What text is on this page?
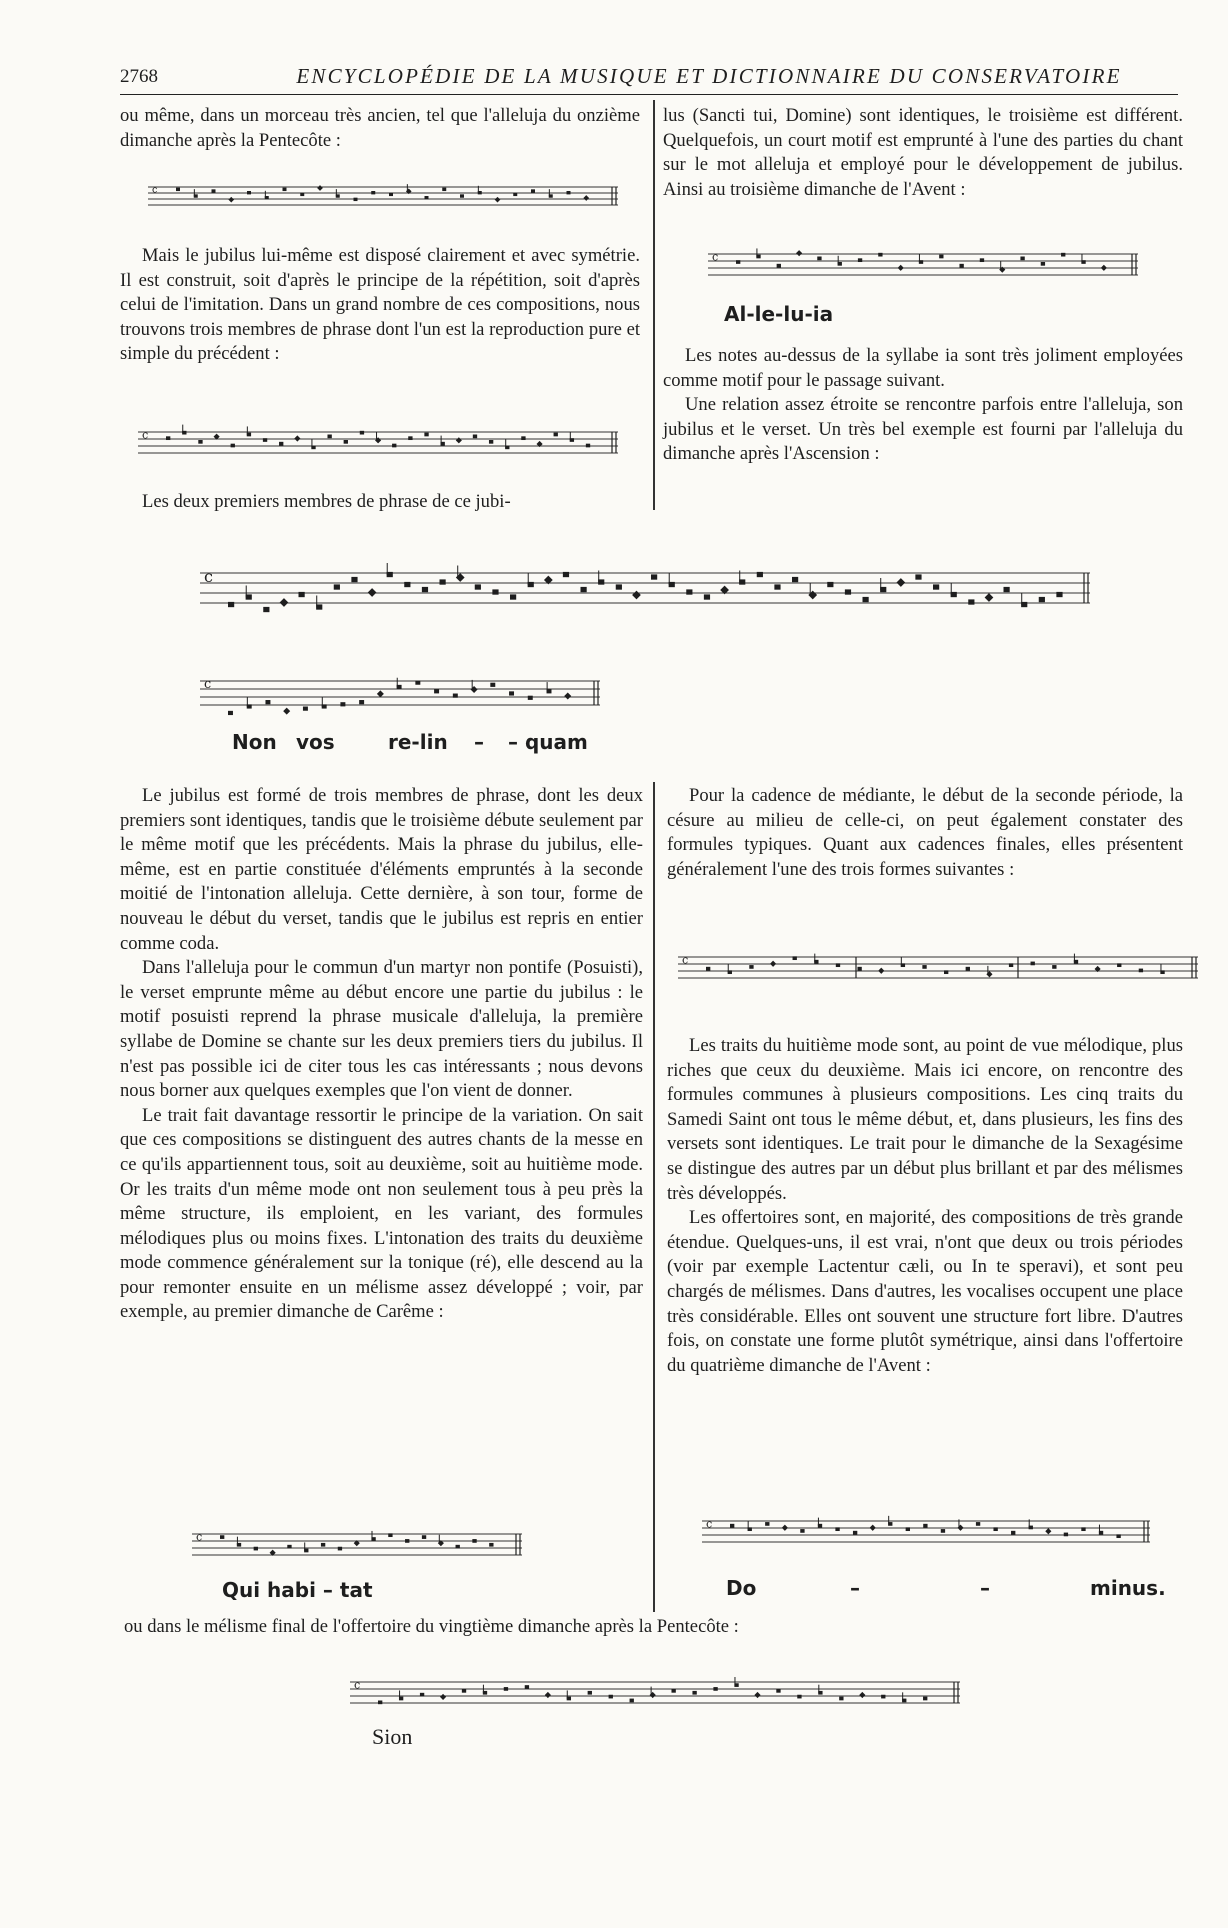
2768	ENCYCLOPÉDIE DE LA MUSIQUE ET DICTIONNAIRE DU CONSERVATOIRE

ou même, dans un morceau très ancien, tel que l'alleluja du onzième dimanche après la Pentecôte :

c

Mais le jubilus lui-même est disposé clairement et avec symétrie. Il est construit, soit d'après le principe de la répétition, soit d'après celui de l'imitation. Dans un grand nombre de ces compositions, nous trouvons trois membres de phrase dont l'un est la reproduction pure et simple du précédent :

c

Les deux premiers membres de phrase de ce jubi-

lus (Sancti tui, Domine) sont identiques, le troisième est différent. Quelquefois, un court motif est emprunté à l'une des parties du chant sur le mot alleluja et employé pour le développement de jubilus. Ainsi au troisième dimanche de l'Avent :

c
Al-le-lu-ia

Les notes au-dessus de la syllabe ia sont très joliment employées comme motif pour le passage suivant.

Une relation assez étroite se rencontre parfois entre l'alleluja, son jubilus et le verset. Un très bel exemple est fourni par l'alleluja du dimanche après l'Ascension :

c
c
Non vos	re-lin – – quam

Le jubilus est formé de trois membres de phrase, dont les deux premiers sont identiques, tandis que le troisième débute seulement par le même motif que les précédents. Mais la phrase du jubilus, elle-même, est en partie constituée d'éléments empruntés à la seconde moitié de l'intonation alleluja. Cette dernière, à son tour, forme de nouveau le début du verset, tandis que le jubilus est repris en entier comme coda.

Dans l'alleluja pour le commun d'un martyr non pontife (Posuisti), le verset emprunte même au début encore une partie du jubilus : le motif posuisti reprend la phrase musicale d'alleluja, la première syllabe de Domine se chante sur les deux premiers tiers du jubilus. Il n'est pas possible ici de citer tous les cas intéressants ; nous devons nous borner aux quelques exemples que l'on vient de donner.

Le trait fait davantage ressortir le principe de la variation. On sait que ces compositions se distinguent des autres chants de la messe en ce qu'ils appartiennent tous, soit au deuxième, soit au huitième mode. Or les traits d'un même mode ont non seulement tous à peu près la même structure, ils emploient, en les variant, des formules mélodiques plus ou moins fixes. L'intonation des traits du deuxième mode commence généralement sur la tonique (ré), elle descend au la pour remonter ensuite en un mélisme assez développé ; voir, par exemple, au premier dimanche de Carême :

c
Qui habi – tat

Pour la cadence de médiante, le début de la seconde période, la césure au milieu de celle-ci, on peut également constater des formules typiques. Quant aux cadences finales, elles présentent généralement l'une des trois formes suivantes :

c

Les traits du huitième mode sont, au point de vue mélodique, plus riches que ceux du deuxième. Mais ici encore, on rencontre des formules communes à plusieurs compositions. Les cinq traits du Samedi Saint ont tous le même début, et, dans plusieurs, les fins des versets sont identiques. Le trait pour le dimanche de la Sexagésime se distingue des autres par un début plus brillant et par des mélismes très développés.

Les offertoires sont, en majorité, des compositions de très grande étendue. Quelques-uns, il est vrai, n'ont que deux ou trois périodes (voir par exemple Lactentur cæli, ou In te speravi), et sont peu chargés de mélismes. Dans d'autres, les vocalises occupent une place très considérable. Elles ont souvent une structure fort libre. D'autres fois, on constate une forme plutôt symétrique, ainsi dans l'offertoire du quatrième dimanche de l'Avent :

c
Do	–	–	minus.
ou dans le mélisme final de l'offertoire du vingtième dimanche après la Pentecôte :
c
Sion
